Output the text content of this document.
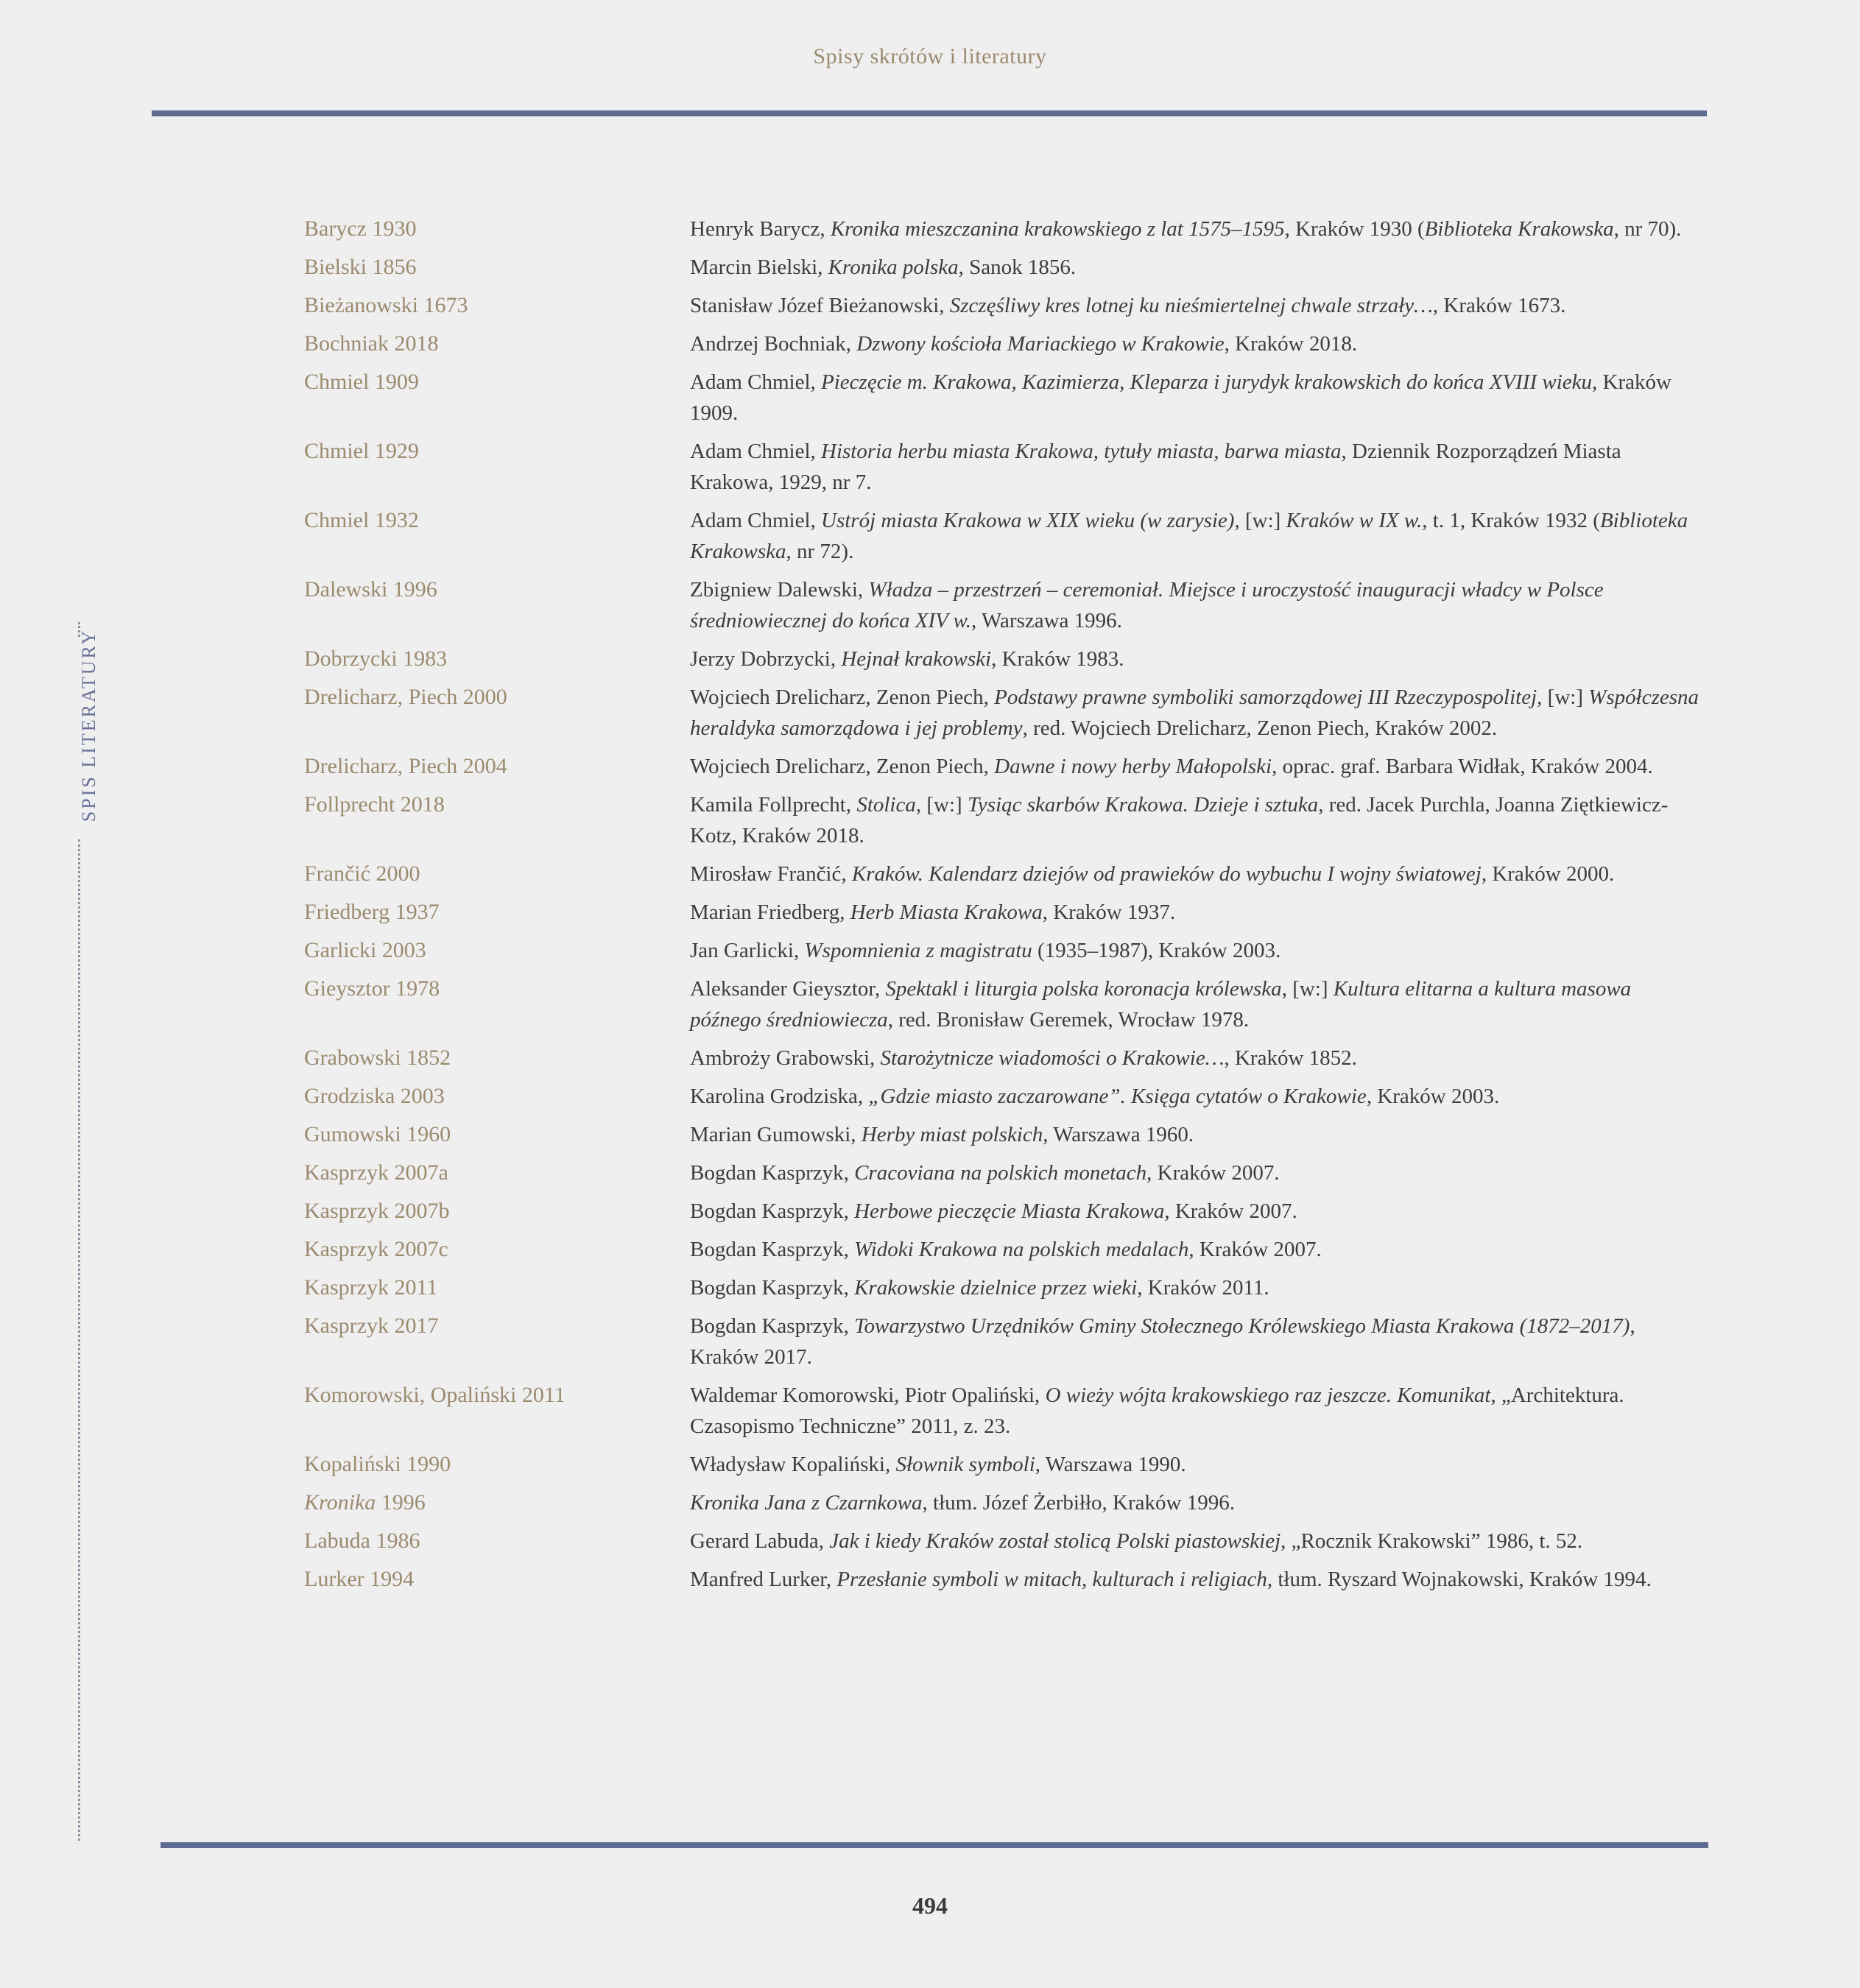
Spisy skrótów i literatury
SPIS LITERATURY
Barycz 1930	Henryk Barycz, Kronika mieszczanina krakowskiego z lat 1575–1595, Kraków 1930 (Biblioteka Krakowska, nr 70).
Bielski 1856	Marcin Bielski, Kronika polska, Sanok 1856.
Bieżanowski 1673	Stanisław Józef Bieżanowski, Szczęśliwy kres lotnej ku nieśmiertelnej chwale strzały…, Kraków 1673.
Bochniak 2018	Andrzej Bochniak, Dzwony kościoła Mariackiego w Krakowie, Kraków 2018.
Chmiel 1909	Adam Chmiel, Pieczęcie m. Krakowa, Kazimierza, Kleparza i jurydyk krakowskich do końca XVIII wieku, Kraków 1909.
Chmiel 1929	Adam Chmiel, Historia herbu miasta Krakowa, tytuły miasta, barwa miasta, Dziennik Rozporządzeń Miasta Krakowa, 1929, nr 7.
Chmiel 1932	Adam Chmiel, Ustrój miasta Krakowa w XIX wieku (w zarysie), [w:] Kraków w IX w., t. 1, Kraków 1932 (Biblioteka Krakowska, nr 72).
Dalewski 1996	Zbigniew Dalewski, Władza – przestrzeń – ceremoniał. Miejsce i uroczystość inauguracji władcy w Polsce średniowiecznej do końca XIV w., Warszawa 1996.
Dobrzycki 1983	Jerzy Dobrzycki, Hejnał krakowski, Kraków 1983.
Drelicharz, Piech 2000	Wojciech Drelicharz, Zenon Piech, Podstawy prawne symboliki samorządowej III Rzeczypospolitej, [w:] Współczesna heraldyka samorządowa i jej problemy, red. Wojciech Drelicharz, Zenon Piech, Kraków 2002.
Drelicharz, Piech 2004	Wojciech Drelicharz, Zenon Piech, Dawne i nowy herby Małopolski, oprac. graf. Barbara Widłak, Kraków 2004.
Follprecht 2018	Kamila Follprecht, Stolica, [w:] Tysiąc skarbów Krakowa. Dzieje i sztuka, red. Jacek Purchla, Joanna Ziętkiewicz-Kotz, Kraków 2018.
Frančić 2000	Mirosław Frančić, Kraków. Kalendarz dziejów od prawieków do wybuchu I wojny światowej, Kraków 2000.
Friedberg 1937	Marian Friedberg, Herb Miasta Krakowa, Kraków 1937.
Garlicki 2003	Jan Garlicki, Wspomnienia z magistratu (1935–1987), Kraków 2003.
Gieysztor 1978	Aleksander Gieysztor, Spektakl i liturgia polska koronacja królewska, [w:] Kultura elitarna a kultura masowa późnego średniowiecza, red. Bronisław Geremek, Wrocław 1978.
Grabowski 1852	Ambroży Grabowski, Starożytnicze wiadomości o Krakowie…, Kraków 1852.
Grodziska 2003	Karolina Grodziska, „Gdzie miasto zaczarowane”. Księga cytatów o Krakowie, Kraków 2003.
Gumowski 1960	Marian Gumowski, Herby miast polskich, Warszawa 1960.
Kasprzyk 2007a	Bogdan Kasprzyk, Cracoviana na polskich monetach, Kraków 2007.
Kasprzyk 2007b	Bogdan Kasprzyk, Herbowe pieczęcie Miasta Krakowa, Kraków 2007.
Kasprzyk 2007c	Bogdan Kasprzyk, Widoki Krakowa na polskich medalach, Kraków 2007.
Kasprzyk 2011	Bogdan Kasprzyk, Krakowskie dzielnice przez wieki, Kraków 2011.
Kasprzyk 2017	Bogdan Kasprzyk, Towarzystwo Urzędników Gminy Stołecznego Królewskiego Miasta Krakowa (1872–2017), Kraków 2017.
Komorowski, Opaliński 2011	Waldemar Komorowski, Piotr Opaliński, O wieży wójta krakowskiego raz jeszcze. Komunikat, „Architektura. Czasopismo Techniczne” 2011, z. 23.
Kopaliński 1990	Władysław Kopaliński, Słownik symboli, Warszawa 1990.
Kronika 1996	Kronika Jana z Czarnkowa, tłum. Józef Żerbiłło, Kraków 1996.
Labuda 1986	Gerard Labuda, Jak i kiedy Kraków został stolicą Polski piastowskiej, „Rocznik Krakowski” 1986, t. 52.
Lurker 1994	Manfred Lurker, Przesłanie symboli w mitach, kulturach i religiach, tłum. Ryszard Wojnakowski, Kraków 1994.
494
